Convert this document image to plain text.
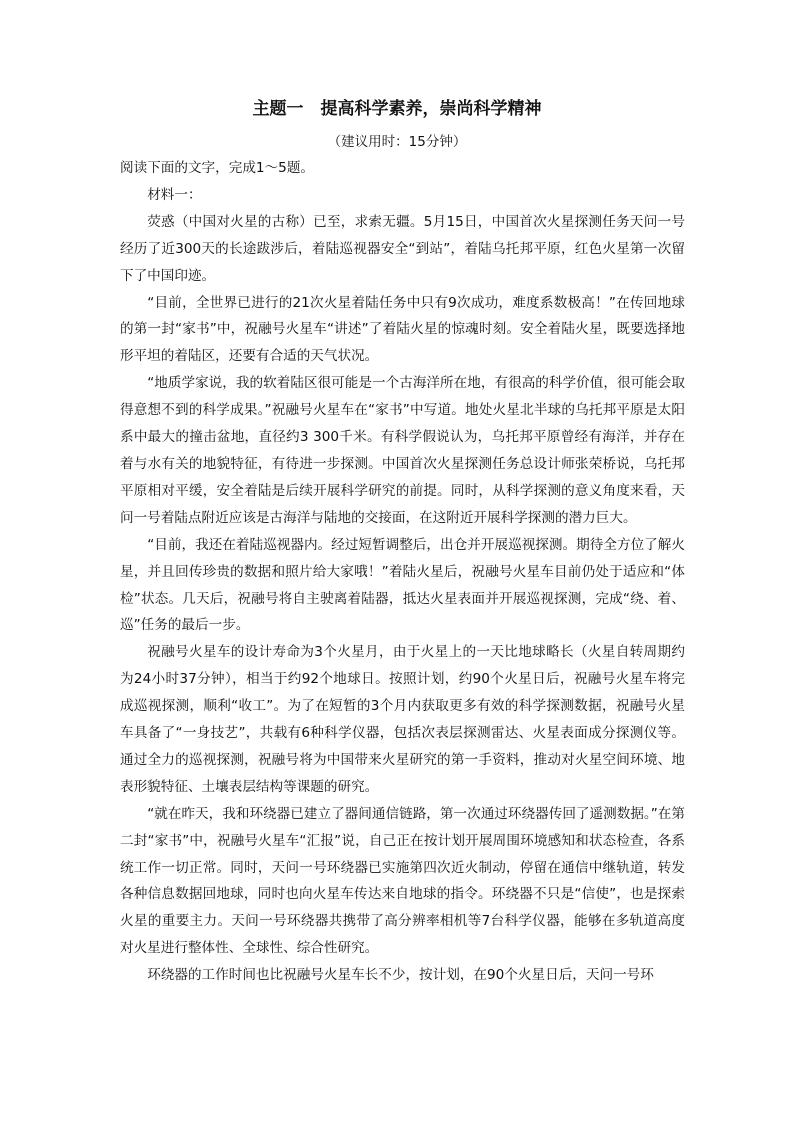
主题一　提高科学素养，崇尚科学精神
（建议用时：15分钟）

阅读下面的文字，完成1～5题。

材料一：

荧惑（中国对火星的古称）已至，求索无疆。5月15日，中国首次火星探测任务天问一号经历了近300天的长途跋涉后，着陆巡视器安全“到站”，着陆乌托邦平原，红色火星第一次留下了中国印迹。

“目前，全世界已进行的21次火星着陆任务中只有9次成功，难度系数极高！”在传回地球的第一封“家书”中，祝融号火星车“讲述”了着陆火星的惊魂时刻。安全着陆火星，既要选择地形平坦的着陆区，还要有合适的天气状况。

“地质学家说，我的软着陆区很可能是一个古海洋所在地，有很高的科学价值，很可能会取得意想不到的科学成果。”祝融号火星车在“家书”中写道。地处火星北半球的乌托邦平原是太阳系中最大的撞击盆地，直径约3 300千米。有科学假说认为，乌托邦平原曾经有海洋，并存在着与水有关的地貌特征，有待进一步探测。中国首次火星探测任务总设计师张荣桥说，乌托邦平原相对平缓，安全着陆是后续开展科学研究的前提。同时，从科学探测的意义角度来看，天问一号着陆点附近应该是古海洋与陆地的交接面，在这附近开展科学探测的潜力巨大。

“目前，我还在着陆巡视器内。经过短暂调整后，出仓并开展巡视探测。期待全方位了解火星，并且回传珍贵的数据和照片给大家哦！”着陆火星后，祝融号火星车目前仍处于适应和“体检”状态。几天后，祝融号将自主驶离着陆器，抵达火星表面并开展巡视探测，完成“绕、着、巡”任务的最后一步。

祝融号火星车的设计寿命为3个火星月，由于火星上的一天比地球略长（火星自转周期约为24小时37分钟），相当于约92个地球日。按照计划，约90个火星日后，祝融号火星车将完成巡视探测，顺利“收工”。为了在短暂的3个月内获取更多有效的科学探测数据，祝融号火星车具备了“一身技艺”，共载有6种科学仪器，包括次表层探测雷达、火星表面成分探测仪等。通过全力的巡视探测，祝融号将为中国带来火星研究的第一手资料，推动对火星空间环境、地表形貌特征、土壤表层结构等课题的研究。

“就在昨天，我和环绕器已建立了器间通信链路，第一次通过环绕器传回了遥测数据。”在第二封“家书”中，祝融号火星车“汇报”说，自己正在按计划开展周围环境感知和状态检查，各系统工作一切正常。同时，天问一号环绕器已实施第四次近火制动，停留在通信中继轨道，转发各种信息数据回地球，同时也向火星车传达来自地球的指令。环绕器不只是“信使”，也是探索火星的重要主力。天问一号环绕器共携带了高分辨率相机等7台科学仪器，能够在多轨道高度对火星进行整体性、全球性、综合性研究。

环绕器的工作时间也比祝融号火星车长不少，按计划，在90个火星日后，天问一号环
